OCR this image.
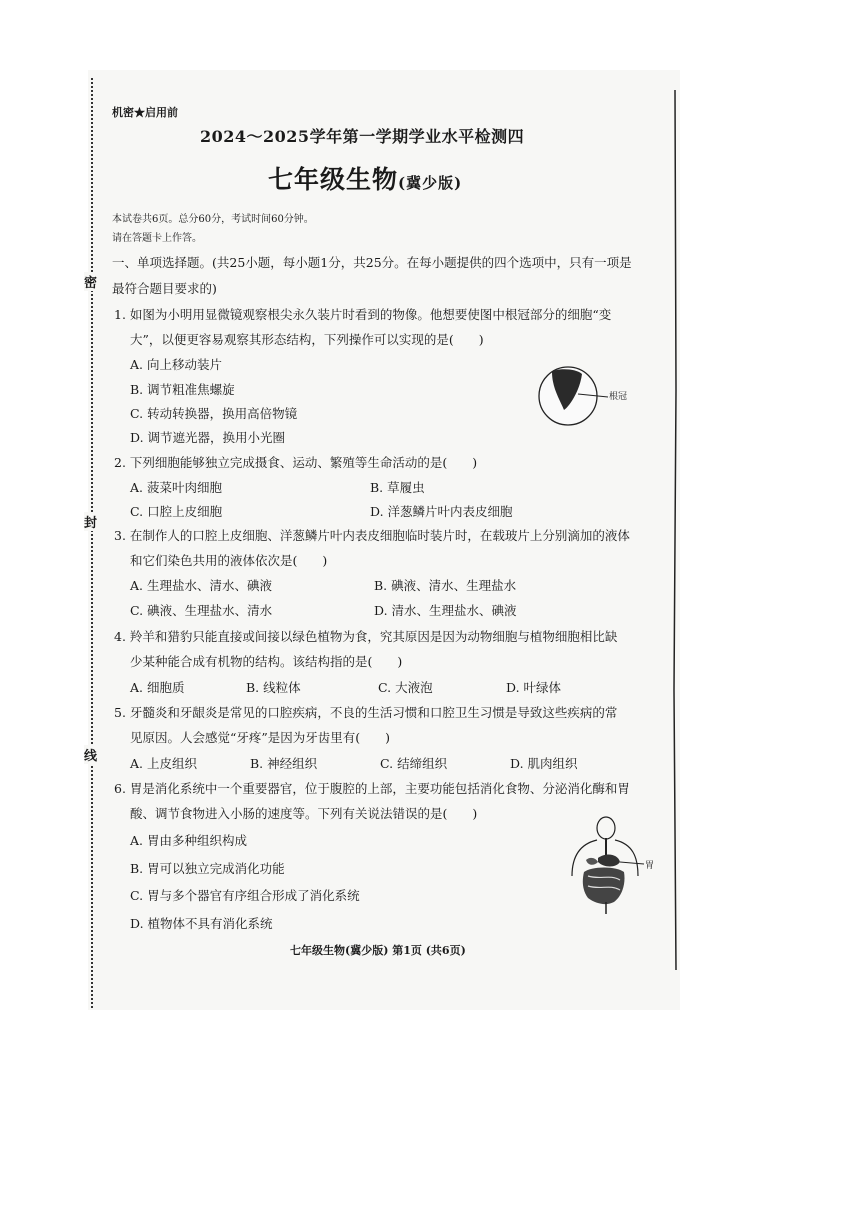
密
封
线
机密★启用前
2024～2025学年第一学期学业水平检测四
七年级生物(冀少版)
本试卷共6页。总分60分，考试时间60分钟。
请在答题卡上作答。
一、单项选择题。(共25小题，每小题1分，共25分。在每小题提供的四个选项中，只有一项是
最符合题目要求的)
1. 如图为小明用显微镜观察根尖永久装片时看到的物像。他想要使图中根冠部分的细胞“变
大”，以便更容易观察其形态结构，下列操作可以实现的是(　　)
A. 向上移动装片
B. 调节粗准焦螺旋
C. 转动转换器，换用高倍物镜
D. 调节遮光器，换用小光圈
根冠
2. 下列细胞能够独立完成摄食、运动、繁殖等生命活动的是(　　)
A. 菠菜叶肉细胞	B. 草履虫
C. 口腔上皮细胞	D. 洋葱鳞片叶内表皮细胞
3. 在制作人的口腔上皮细胞、洋葱鳞片叶内表皮细胞临时装片时，在载玻片上分别滴加的液体
和它们染色共用的液体依次是(　　)
A. 生理盐水、清水、碘液	B. 碘液、清水、生理盐水
C. 碘液、生理盐水、清水	D. 清水、生理盐水、碘液
4. 羚羊和猎豹只能直接或间接以绿色植物为食，究其原因是因为动物细胞与植物细胞相比缺
少某种能合成有机物的结构。该结构指的是(　　)
A. 细胞质	B. 线粒体	C. 大液泡	D. 叶绿体
5. 牙髓炎和牙龈炎是常见的口腔疾病，不良的生活习惯和口腔卫生习惯是导致这些疾病的常
见原因。人会感觉“牙疼”是因为牙齿里有(　　)
A. 上皮组织	B. 神经组织	C. 结缔组织	D. 肌肉组织
6. 胃是消化系统中一个重要器官，位于腹腔的上部，主要功能包括消化食物、分泌消化酶和胃
酸、调节食物进入小肠的速度等。下列有关说法错误的是(　　)
A. 胃由多种组织构成
B. 胃可以独立完成消化功能
C. 胃与多个器官有序组合形成了消化系统
D. 植物体不具有消化系统
胃
七年级生物(冀少版) 第1页 (共6页)
